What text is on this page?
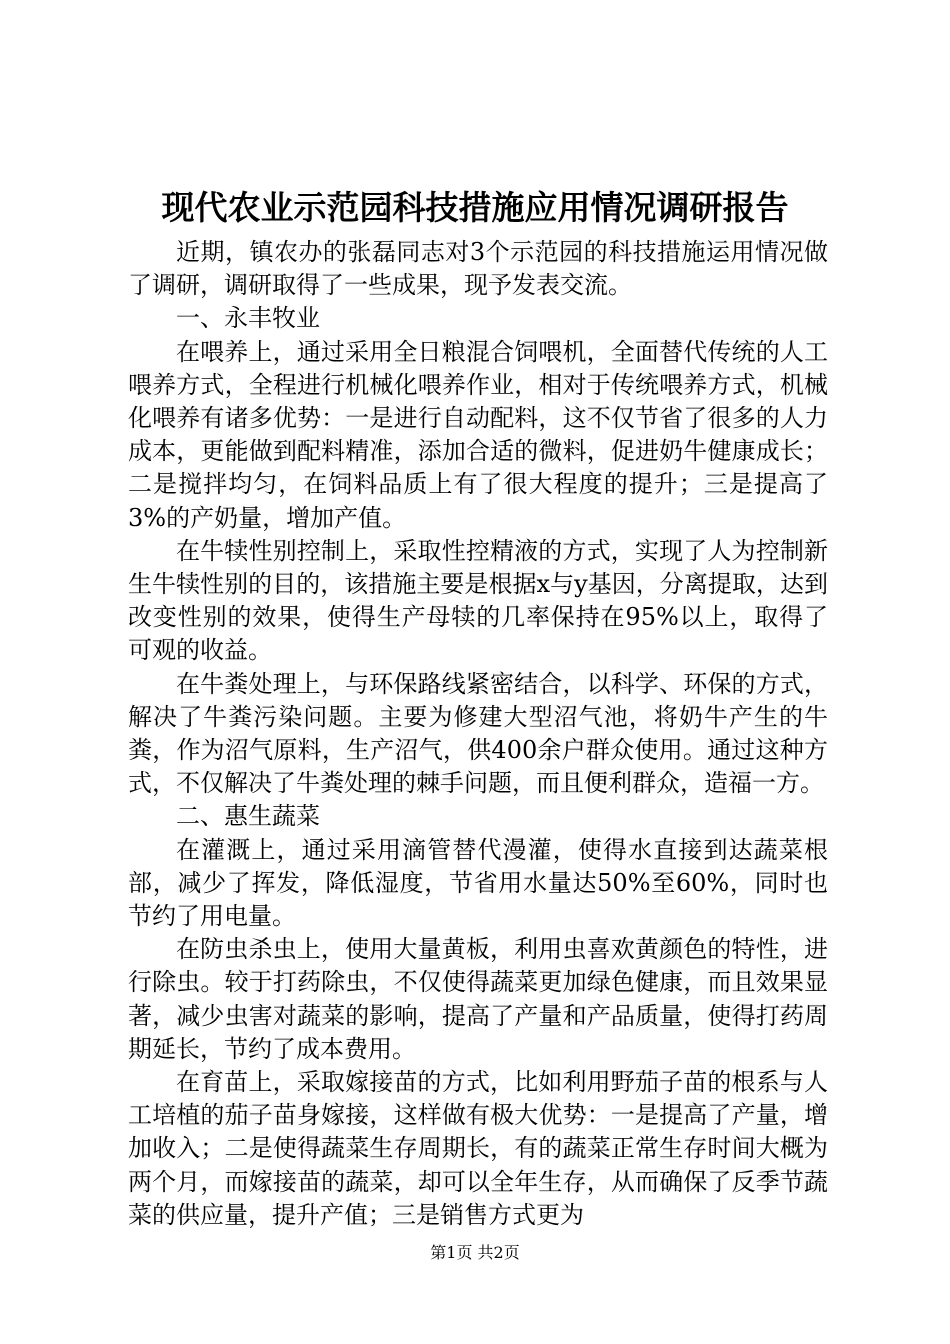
现代农业示范园科技措施应用情况调研报告

近期，镇农办的张磊同志对3个示范园的科技措施运用情况做了调研，调研取得了一些成果，现予发表交流。

一、永丰牧业

在喂养上，通过采用全日粮混合饲喂机，全面替代传统的人工喂养方式，全程进行机械化喂养作业，相对于传统喂养方式，机械化喂养有诸多优势：一是进行自动配料，这不仅节省了很多的人力成本，更能做到配料精准，添加合适的微料，促进奶牛健康成长；二是搅拌均匀，在饲料品质上有了很大程度的提升；三是提高了3%的产奶量，增加产值。

在牛犊性别控制上，采取性控精液的方式，实现了人为控制新生牛犊性别的目的，该措施主要是根据x与y基因，分离提取，达到改变性别的效果，使得生产母犊的几率保持在95%以上，取得了可观的收益。

在牛粪处理上，与环保路线紧密结合，以科学、环保的方式，解决了牛粪污染问题。主要为修建大型沼气池，将奶牛产生的牛粪，作为沼气原料，生产沼气，供400余户群众使用。通过这种方式，不仅解决了牛粪处理的棘手问题，而且便利群众，造福一方。

二、惠生蔬菜

在灌溉上，通过采用滴管替代漫灌，使得水直接到达蔬菜根部，减少了挥发，降低湿度，节省用水量达50%至60%，同时也节约了用电量。

在防虫杀虫上，使用大量黄板，利用虫喜欢黄颜色的特性，进行除虫。较于打药除虫，不仅使得蔬菜更加绿色健康，而且效果显著，减少虫害对蔬菜的影响，提高了产量和产品质量，使得打药周期延长，节约了成本费用。

在育苗上，采取嫁接苗的方式，比如利用野茄子苗的根系与人工培植的茄子苗身嫁接，这样做有极大优势：一是提高了产量，增加收入；二是使得蔬菜生存周期长，有的蔬菜正常生存时间大概为两个月，而嫁接苗的蔬菜，却可以全年生存，从而确保了反季节蔬菜的供应量，提升产值；三是销售方式更为

第1页 共2页
